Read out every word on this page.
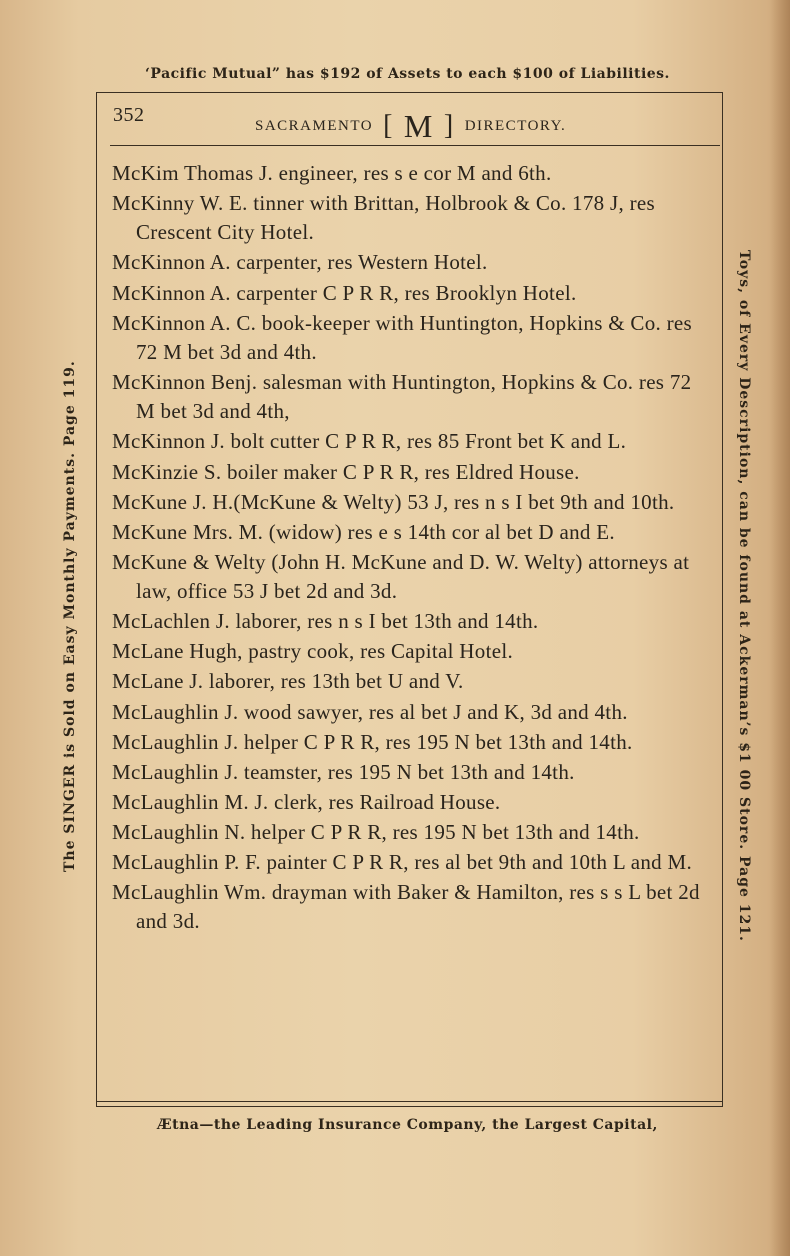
‘Pacific Mutual” has $192 of Assets to each $100 of Liabilities.
352	SACRAMENTO [ M ] DIRECTORY.

McKim Thomas J. engineer, res s e cor M and 6th.

McKinny W. E. tinner with Brittan, Holbrook & Co. 178 J, res Crescent City Hotel.

McKinnon A. carpenter, res Western Hotel.

McKinnon A. carpenter C P R R, res Brooklyn Hotel.

McKinnon A. C. book-keeper with Huntington, Hopkins & Co. res 72 M bet 3d and 4th.

McKinnon Benj. salesman with Huntington, Hopkins & Co. res 72 M bet 3d and 4th,

McKinnon J. bolt cutter C P R R, res 85 Front bet K and L.

McKinzie S. boiler maker C P R R, res Eldred House.

McKune J. H.(McKune & Welty) 53 J, res n s I bet 9th and 10th.

McKune Mrs. M. (widow) res e s 14th cor al bet D and E.

McKune & Welty (John H. McKune and D. W. Welty) attorneys at law, office 53 J bet 2d and 3d.

McLachlen J. laborer, res n s I bet 13th and 14th.

McLane Hugh, pastry cook, res Capital Hotel.

McLane J. laborer, res 13th bet U and V.

McLaughlin J. wood sawyer, res al bet J and K, 3d and 4th.

McLaughlin J. helper C P R R, res 195 N bet 13th and 14th.

McLaughlin J. teamster, res 195 N bet 13th and 14th.

McLaughlin M. J. clerk, res Railroad House.

McLaughlin N. helper C P R R, res 195 N bet 13th and 14th.

McLaughlin P. F. painter C P R R, res al bet 9th and 10th L and M.

McLaughlin Wm. drayman with Baker & Hamilton, res s s L bet 2d and 3d.

Ætna—the Leading Insurance Company, the Largest Capital,
The SINGER is Sold on Easy Monthly Payments. Page 119.	Toys, of Every Description, can be found at Ackerman’s $1 00 Store. Page 121.
